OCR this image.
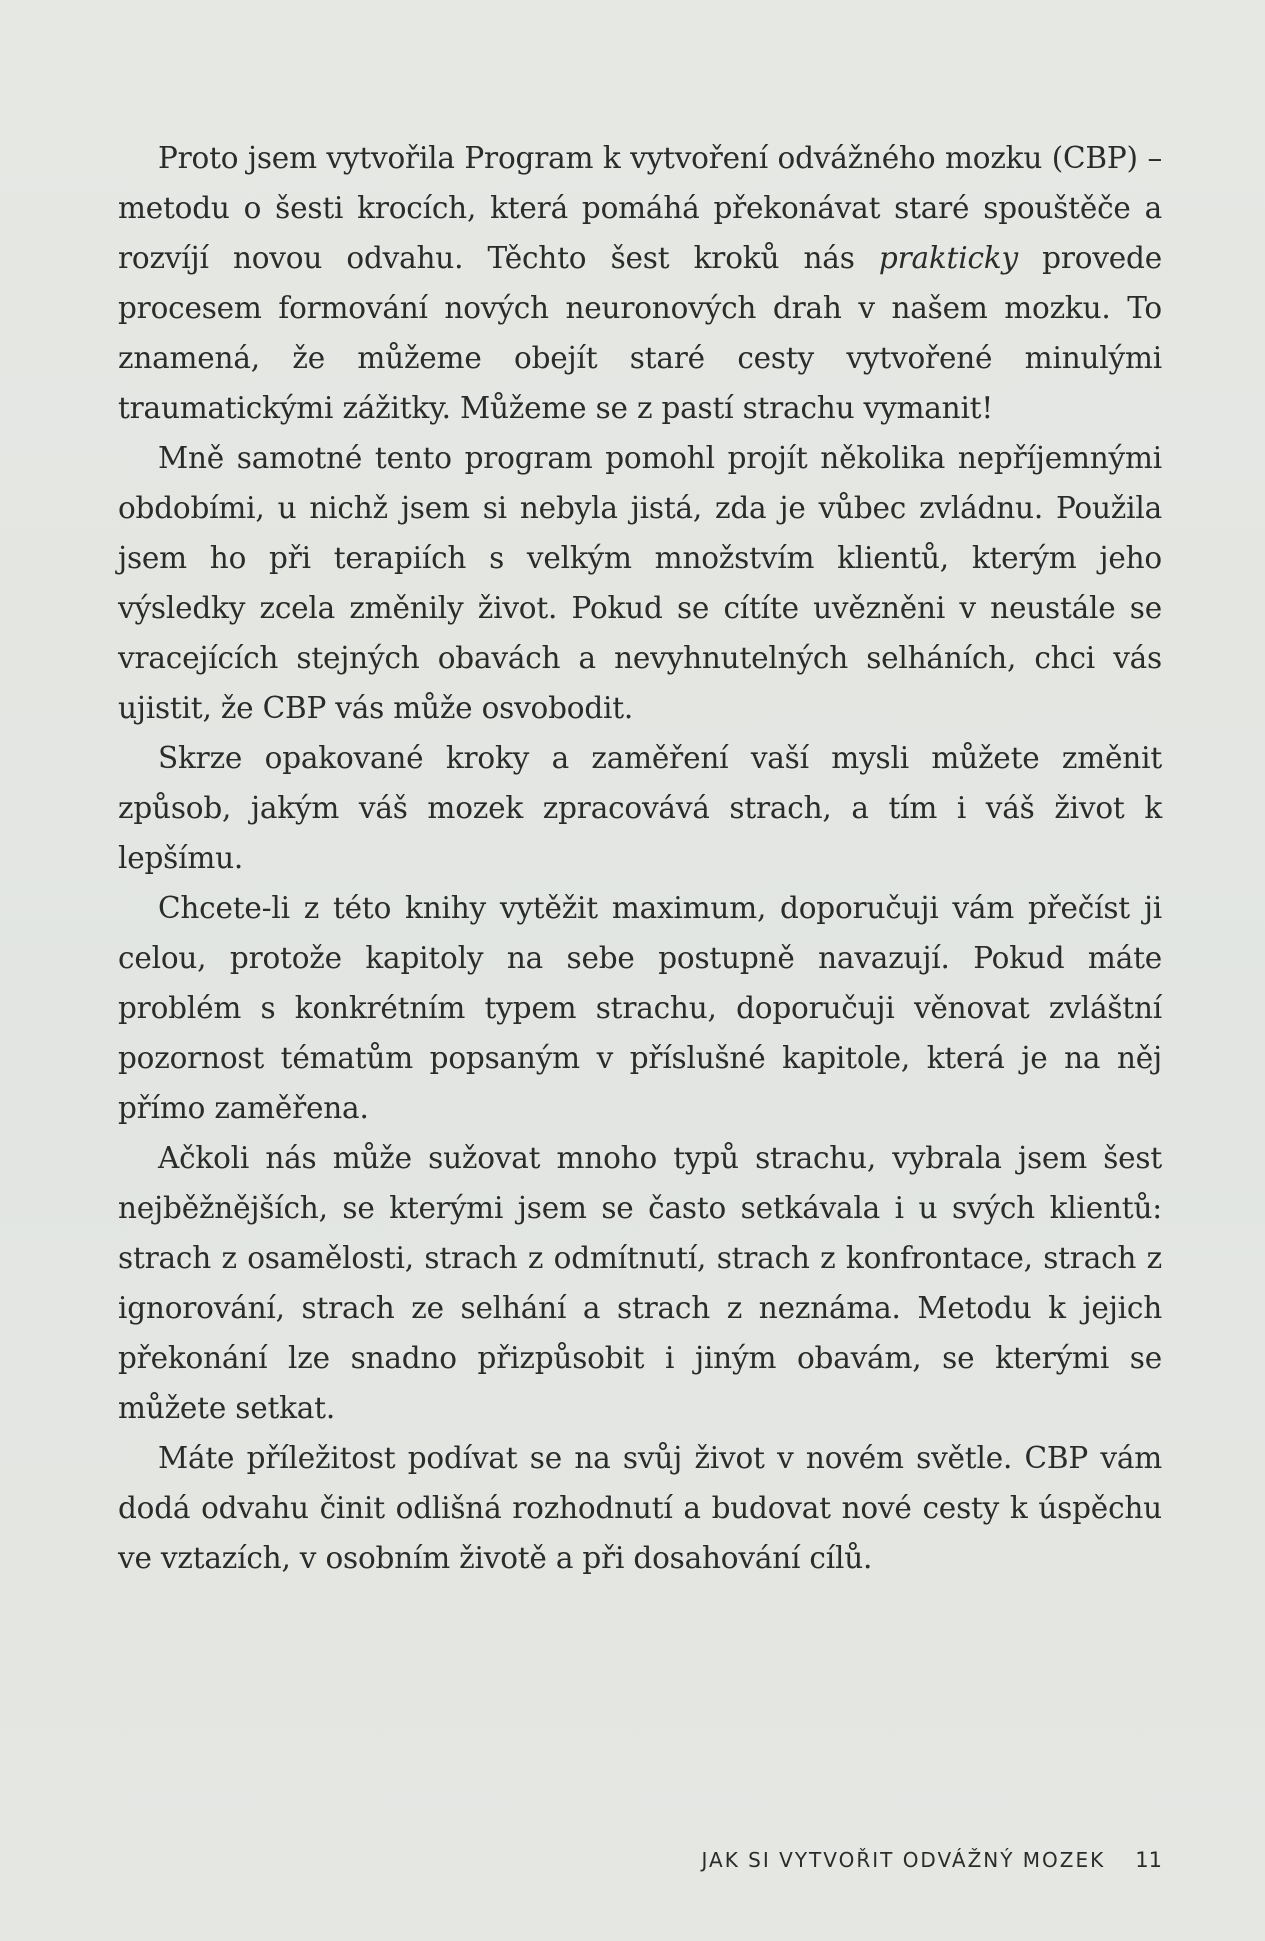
Proto jsem vytvořila Program k vytvoření odvážného mozku (CBP) – metodu o šesti krocích, která pomáhá překonávat staré spouštěče a rozvíjí novou odvahu. Těchto šest kroků nás prakticky provede procesem formování nových neuronových drah v našem mozku. To znamená, že můžeme obejít staré cesty vytvořené minulými traumatickými zážitky. Můžeme se z pastí strachu vymanit!

Mně samotné tento program pomohl projít několika nepříjemnými obdobími, u nichž jsem si nebyla jistá, zda je vůbec zvládnu. Použila jsem ho při terapiích s velkým množstvím klientů, kterým jeho výsledky zcela změnily život. Pokud se cítíte uvězněni v neustále se vracejících stejných obavách a nevyhnutelných selháních, chci vás ujistit, že CBP vás může osvobodit.

Skrze opakované kroky a zaměření vaší mysli můžete změnit způsob, jakým váš mozek zpracovává strach, a tím i váš život k lepšímu.

Chcete-li z této knihy vytěžit maximum, doporučuji vám přečíst ji celou, protože kapitoly na sebe postupně navazují. Pokud máte problém s konkrétním typem strachu, doporučuji věnovat zvláštní pozornost tématům popsaným v příslušné kapitole, která je na něj přímo zaměřena.

Ačkoli nás může sužovat mnoho typů strachu, vybrala jsem šest nejběžnějších, se kterými jsem se často setkávala i u svých klientů: strach z osamělosti, strach z odmítnutí, strach z konfrontace, strach z ignorování, strach ze selhání a strach z neznáma. Metodu k jejich překonání lze snadno přizpůsobit i jiným obavám, se kterými se můžete setkat.

Máte příležitost podívat se na svůj život v novém světle. CBP vám dodá odvahu činit odlišná rozhodnutí a budovat nové cesty k úspěchu ve vztazích, v osobním životě a při dosahování cílů.

JAK SI VYTVOŘIT ODVÁŽNÝ MOZEK 11
